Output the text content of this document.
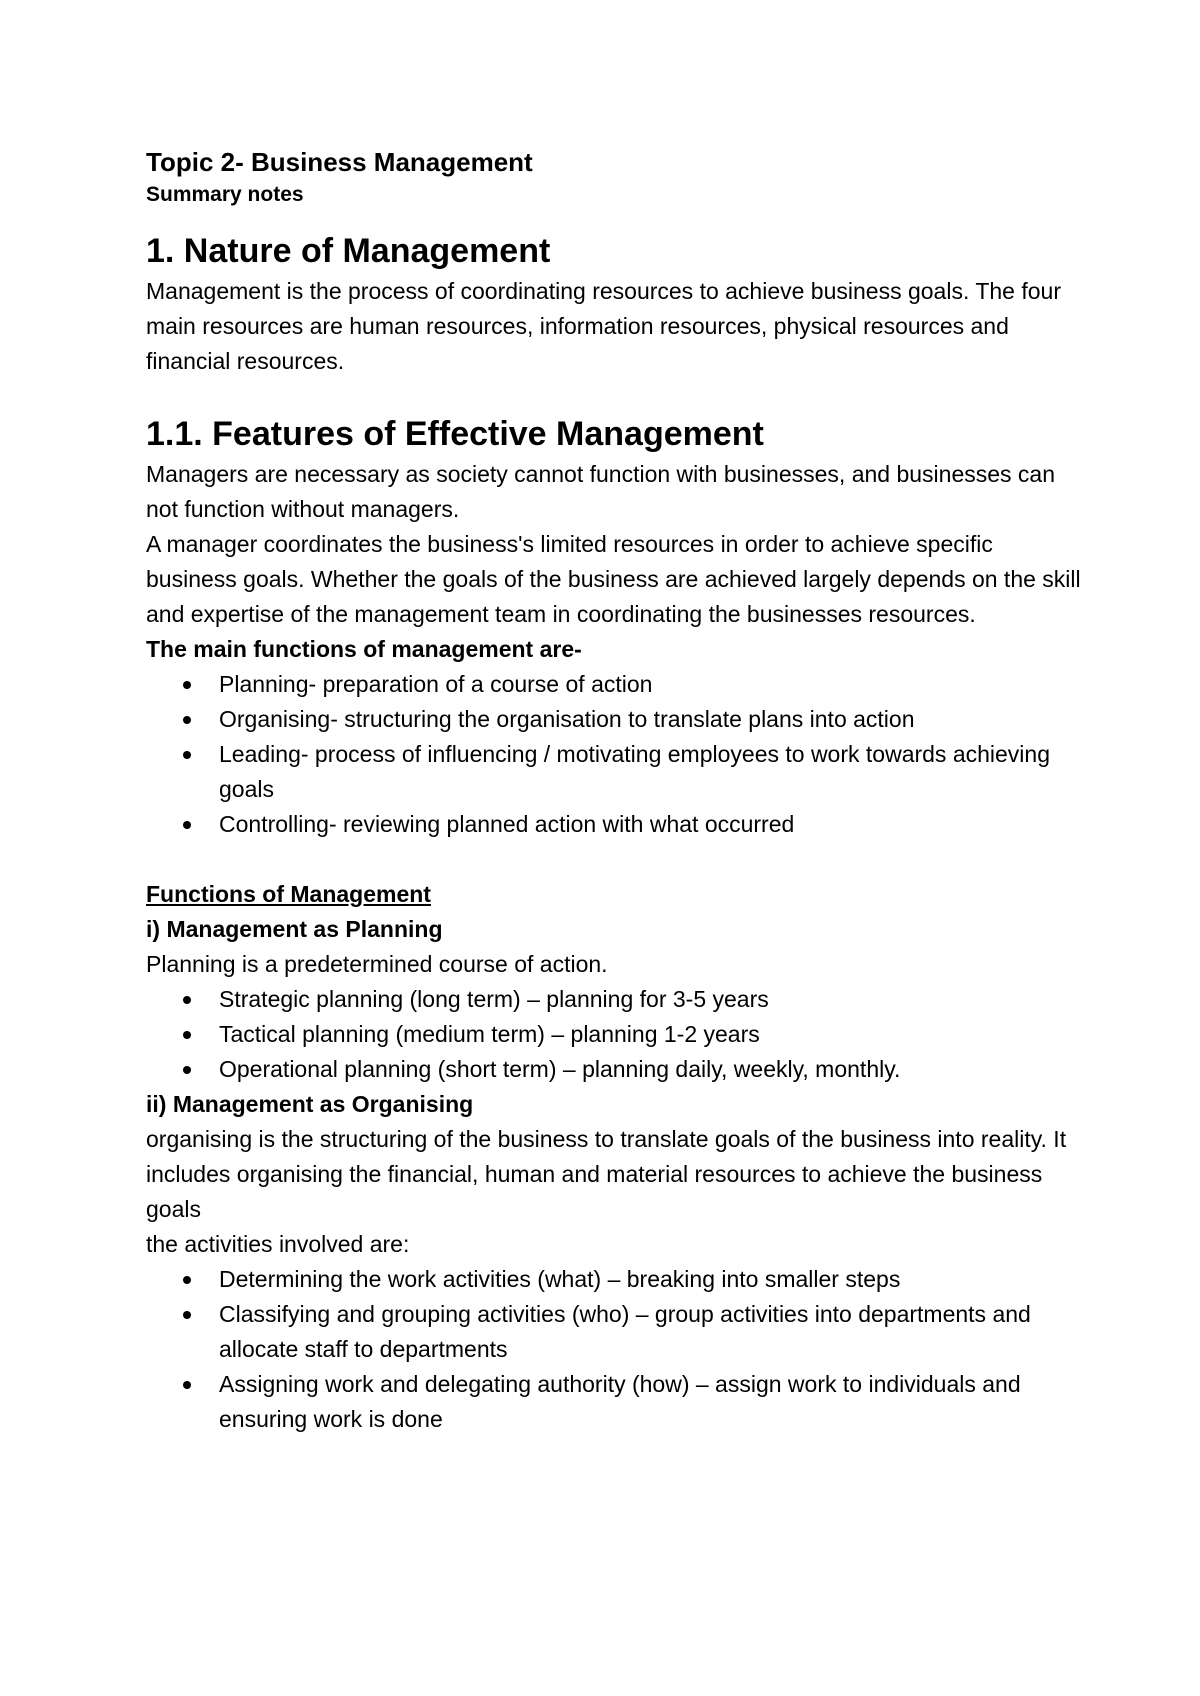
Topic 2- Business Management
Summary notes
1. Nature of Management

Management is the process of coordinating resources to achieve business goals. The four main resources are human resources, information resources, physical resources and financial resources.

1.1. Features of Effective Management

Managers are necessary as society cannot function with businesses, and businesses can not function without managers.

A manager coordinates the business's limited resources in order to achieve specific business goals. Whether the goals of the business are achieved largely depends on the skill and expertise of the management team in coordinating the businesses resources.

The main functions of management are-
Planning- preparation of a course of action
Organising- structuring the organisation to translate plans into action
Leading- process of influencing / motivating employees to work towards achieving goals
Controlling- reviewing planned action with what occurred
Functions of Management
i) Management as Planning

Planning is a predetermined course of action.

Strategic planning (long term) – planning for 3-5 years
Tactical planning (medium term) – planning 1-2 years
Operational planning (short term) – planning daily, weekly, monthly.
ii) Management as Organising

organising is the structuring of the business to translate goals of the business into reality. It includes organising the financial, human and material resources to achieve the business goals

the activities involved are:

Determining the work activities (what) – breaking into smaller steps
Classifying and grouping activities (who) – group activities into departments and allocate staff to departments
Assigning work and delegating authority (how) – assign work to individuals and ensuring work is done
